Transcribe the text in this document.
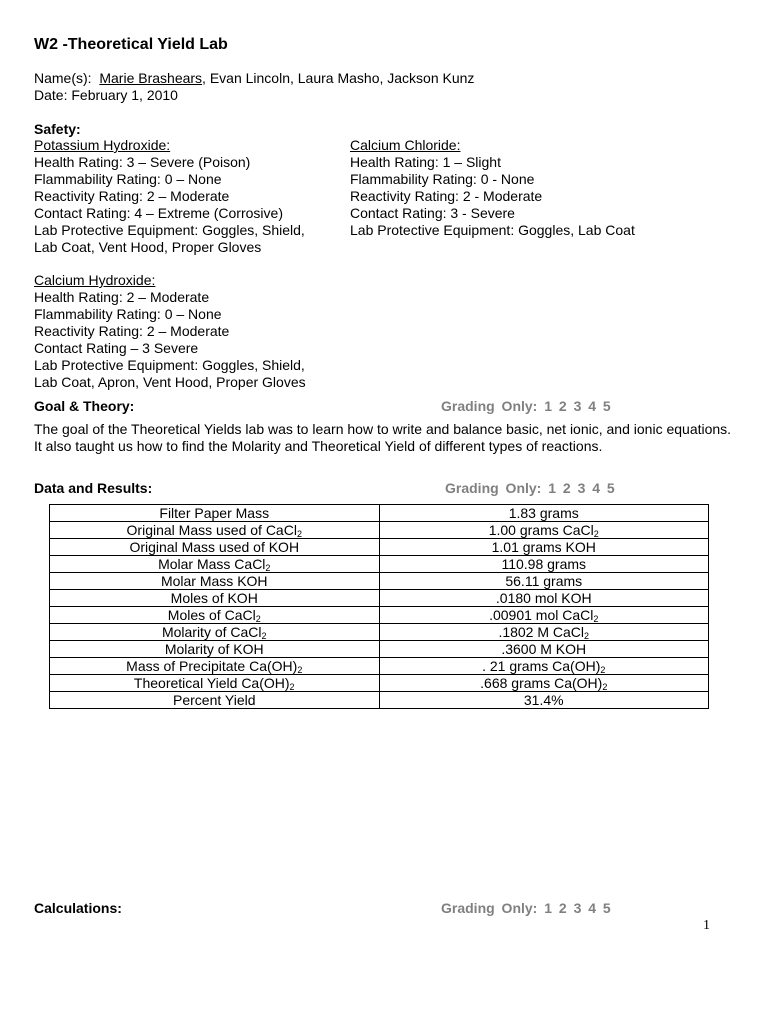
W2 -Theoretical Yield Lab
Name(s): Marie Brashears, Evan Lincoln, Laura Masho, Jackson Kunz
Date: February 1, 2010
Safety:
Potassium Hydroxide:
Health Rating: 3 – Severe (Poison)
Flammability Rating: 0 – None
Reactivity Rating: 2 – Moderate
Contact Rating: 4 – Extreme (Corrosive)
Lab Protective Equipment: Goggles, Shield,
Lab Coat, Vent Hood, Proper Gloves
Calcium Chloride:
Health Rating: 1 – Slight
Flammability Rating: 0 - None
Reactivity Rating: 2 - Moderate
Contact Rating: 3 - Severe
Lab Protective Equipment: Goggles, Lab Coat
Calcium Hydroxide:
Health Rating: 2 – Moderate
Flammability Rating: 0 – None
Reactivity Rating: 2 – Moderate
Contact Rating – 3 Severe
Lab Protective Equipment: Goggles, Shield,
Lab Coat, Apron, Vent Hood, Proper Gloves
Goal & Theory:	Grading Only: 1 2 3 4 5
The goal of the Theoretical Yields lab was to learn how to write and balance basic, net ionic, and ionic equations. It also taught us how to find the Molarity and Theoretical Yield of different types of reactions.
Data and Results:	Grading Only: 1 2 3 4 5
Filter Paper Mass	1.83 grams
Original Mass used of CaCl$_2$	1.00 grams CaCl$_2$
Original Mass used of KOH	1.01 grams KOH
Molar Mass CaCl$_2$	110.98 grams
Molar Mass KOH	56.11 grams
Moles of KOH	.0180 mol KOH
Moles of CaCl$_2$	.00901 mol CaCl$_2$
Molarity of CaCl$_2$	.1802 M CaCl$_2$
Molarity of KOH	.3600 M KOH
Mass of Precipitate $Ca(OH)_2$	. 21 grams $Ca(OH)_2$
Theoretical Yield $Ca(OH)_2$	.668 grams $Ca(OH)_2$
Percent Yield	31.4%
Calculations:	Grading Only: 1 2 3 4 5
1
